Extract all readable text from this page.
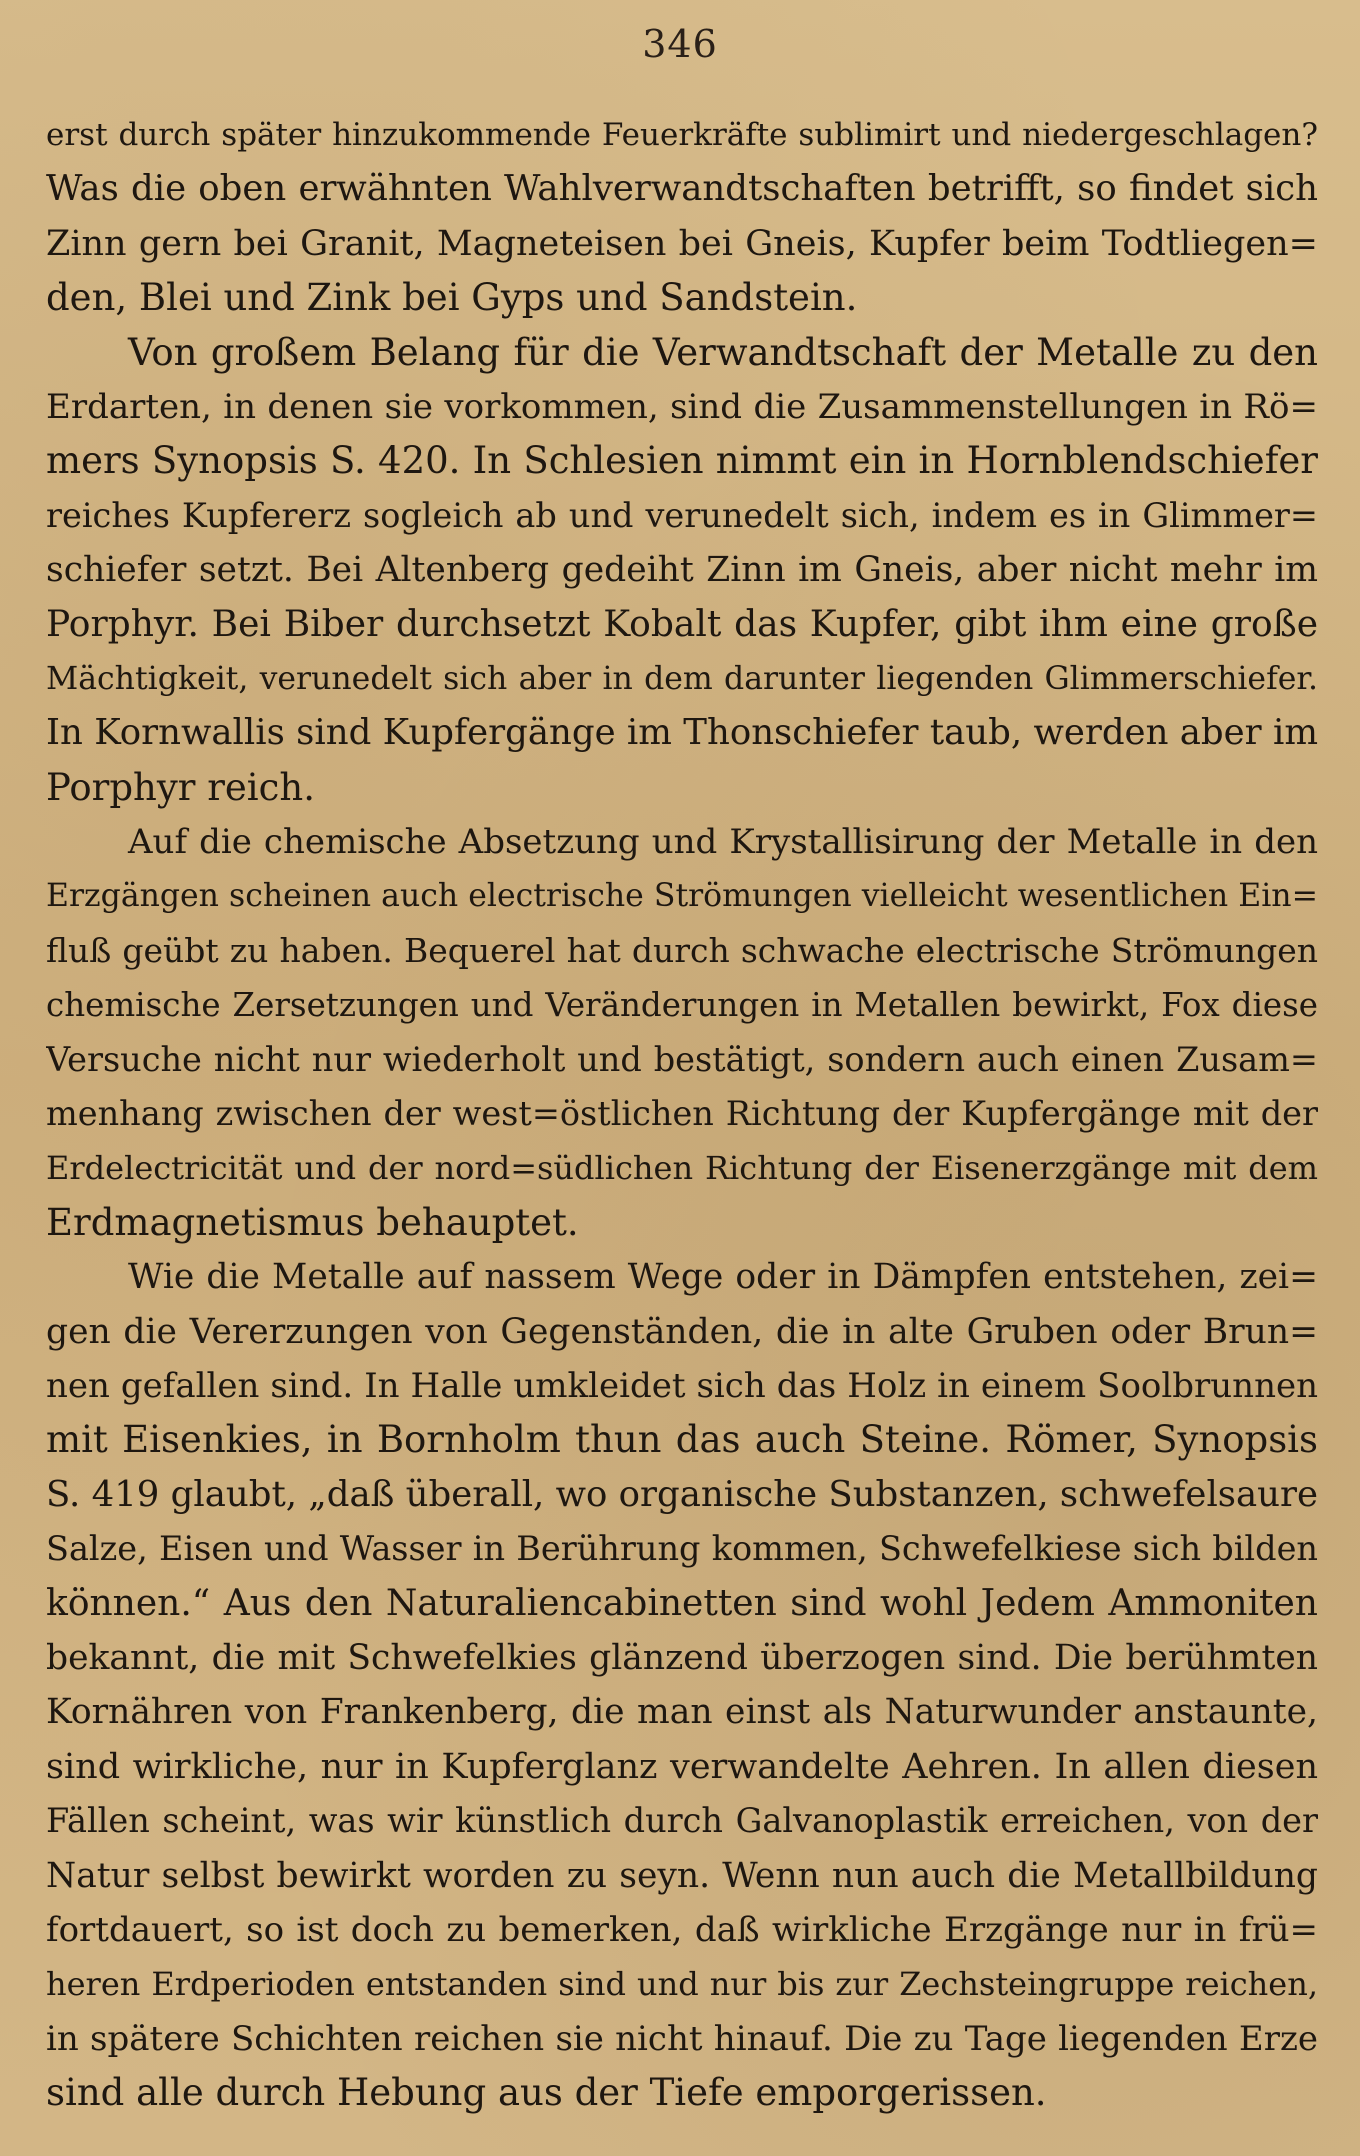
346
erst durch später hinzukommende Feuerkräfte sublimirt und niedergeschlagen?
Was die oben erwähnten Wahlverwandtschaften betrifft, so findet sich
Zinn gern bei Granit, Magneteisen bei Gneis, Kupfer beim Todtliegen=
den, Blei und Zink bei Gyps und Sandstein.
Von großem Belang für die Verwandtschaft der Metalle zu den
Erdarten, in denen sie vorkommen, sind die Zusammenstellungen in Rö=
mers Synopsis S. 420. In Schlesien nimmt ein in Hornblendschiefer
reiches Kupfererz sogleich ab und verunedelt sich, indem es in Glimmer=
schiefer setzt. Bei Altenberg gedeiht Zinn im Gneis, aber nicht mehr im
Porphyr. Bei Biber durchsetzt Kobalt das Kupfer, gibt ihm eine große
Mächtigkeit, verunedelt sich aber in dem darunter liegenden Glimmerschiefer.
In Kornwallis sind Kupfergänge im Thonschiefer taub, werden aber im
Porphyr reich.
Auf die chemische Absetzung und Krystallisirung der Metalle in den
Erzgängen scheinen auch electrische Strömungen vielleicht wesentlichen Ein=
fluß geübt zu haben. Bequerel hat durch schwache electrische Strömungen
chemische Zersetzungen und Veränderungen in Metallen bewirkt, Fox diese
Versuche nicht nur wiederholt und bestätigt, sondern auch einen Zusam=
menhang zwischen der west=östlichen Richtung der Kupfergänge mit der
Erdelectricität und der nord=südlichen Richtung der Eisenerzgänge mit dem
Erdmagnetismus behauptet.
Wie die Metalle auf nassem Wege oder in Dämpfen entstehen, zei=
gen die Vererzungen von Gegenständen, die in alte Gruben oder Brun=
nen gefallen sind. In Halle umkleidet sich das Holz in einem Soolbrunnen
mit Eisenkies, in Bornholm thun das auch Steine. Römer, Synopsis
S. 419 glaubt, „daß überall, wo organische Substanzen, schwefelsaure
Salze, Eisen und Wasser in Berührung kommen, Schwefelkiese sich bilden
können.“ Aus den Naturaliencabinetten sind wohl Jedem Ammoniten
bekannt, die mit Schwefelkies glänzend überzogen sind. Die berühmten
Kornähren von Frankenberg, die man einst als Naturwunder anstaunte,
sind wirkliche, nur in Kupferglanz verwandelte Aehren. In allen diesen
Fällen scheint, was wir künstlich durch Galvanoplastik erreichen, von der
Natur selbst bewirkt worden zu seyn. Wenn nun auch die Metallbildung
fortdauert, so ist doch zu bemerken, daß wirkliche Erzgänge nur in frü=
heren Erdperioden entstanden sind und nur bis zur Zechsteingruppe reichen,
in spätere Schichten reichen sie nicht hinauf. Die zu Tage liegenden Erze
sind alle durch Hebung aus der Tiefe emporgerissen.
